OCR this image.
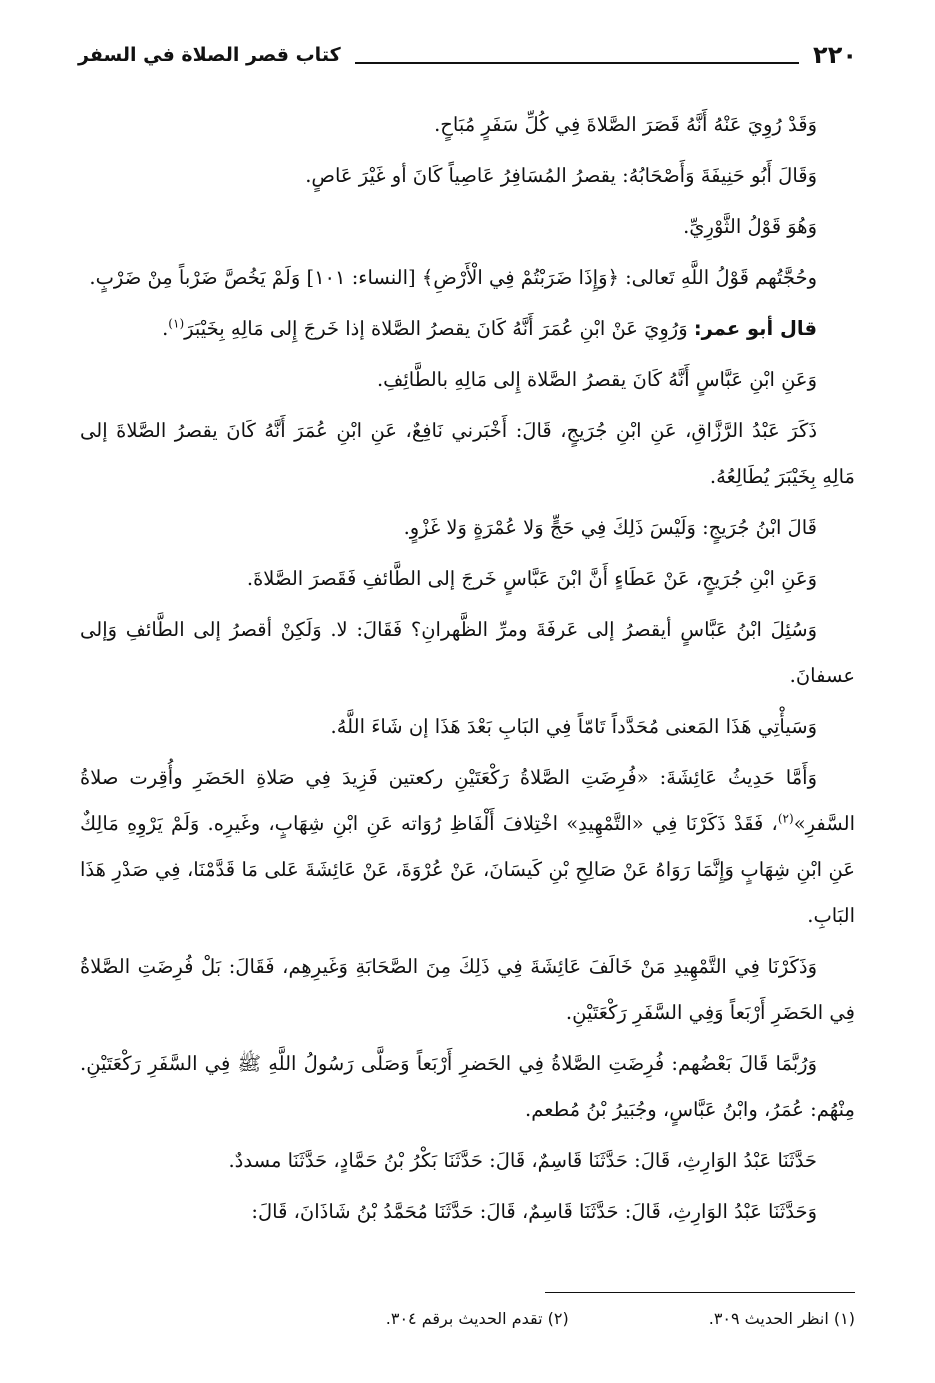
٢٢٠
كتاب قصر الصلاة في السفر

وَقَدْ رُوِيَ عَنْهُ أَنَّهُ قَصَرَ الصَّلاةَ فِي كُلِّ سَفَرٍ مُبَاحٍ.

وَقَالَ أَبُو حَنِيفَةَ وَأَصْحَابُهُ: يقصرُ المُسَافِرُ عَاصِياً كَانَ أو غَيْرَ عَاصٍ.

وَهُوَ قَوْلُ الثَّوْرِيِّ.

وحُجَّتُهم قَوْلُ اللَّهِ تَعالى: ﴿وَإِذَا ضَرَبْتُمْ فِي الْأَرْضِ﴾ [النساء: ١٠١] وَلَمْ يَخُصَّ ضَرْباً مِنْ ضَرْبٍ.

قال أبو عمر: وَرُوِيَ عَنْ ابْنِ عُمَرَ أَنَّهُ كَانَ يقصرُ الصَّلاة إذا خَرجَ إِلى مَالِهِ بِخَيْبَرَ$^{(١)}$.

وَعَنِ ابْنِ عَبَّاسٍ أَنَّهُ كَانَ يقصرُ الصَّلاة إِلى مَالِهِ بالطَّائِفِ.

ذَكَرَ عَبْدُ الرَّزَّاقِ، عَنِ ابْنِ جُرَيجٍ، قَالَ: أَخْبَرني نَافِعٌ، عَنِ ابْنِ عُمَرَ أَنَّهُ كَانَ يقصرُ الصَّلاةَ إلى مَالِهِ بِخَيْبَرَ يُطَالِعُهُ.

قَالَ ابْنُ جُرَيجٍ: وَلَيْسَ ذَلِكَ فِي حَجٍّ وَلا عُمْرَةٍ وَلا غَزْوٍ.

وَعَنِ ابْنِ جُرَيجٍ، عَنْ عَطَاءٍ أَنَّ ابْنَ عَبَّاسٍ خَرجَ إلى الطَّائفِ فَقَصرَ الصَّلاةَ.

وَسُئِلَ ابْنُ عَبَّاسٍ أيقصرُ إلى عَرفَةَ ومرِّ الظَّهرانِ؟ فَقَالَ: لا. وَلَكِنْ أقصرُ إلى الطَّائفِ وَإلى عسفانَ.

وَسَيأْتِي هَذَا المَعنى مُحَدَّداً تَامّاً فِي البَابِ بَعْدَ هَذَا إن شَاءَ اللَّهُ.

وَأَمَّا حَدِيثُ عَائِشَةَ: «فُرِضَتِ الصَّلاةُ رَكْعَتَيْنِ ركعتين فَزِيدَ فِي صَلاةِ الحَضَرِ وأُقِرت صلاةُ السَّفرِ»$^{(٢)}$، فَقَدْ ذَكَرْنَا فِي «التَّمْهِيدِ» اخْتِلافَ أَلْفَاظِ رُوَاته عَنِ ابْنِ شِهَابٍ، وغَيرِه. وَلَمْ يَرْوِهِ مَالِكٌ عَنِ ابْنِ شِهَابٍ وَإِنَّمَا رَوَاهُ عَنْ صَالِحِ بْنِ كَيسَانَ، عَنْ عُرْوَةَ، عَنْ عَائِشَةَ عَلى مَا قَدَّمْنَا، فِي صَدْرِ هَذَا البَابِ.

وَذَكَرْنَا فِي التَّمْهِيدِ مَنْ خَالَفَ عَائِشَةَ فِي ذَلِكَ مِنَ الصَّحَابَةِ وَغَيرِهِم، فَقَالَ: بَلْ فُرِضَتِ الصَّلاةُ فِي الحَضَرِ أَرْبَعاً وَفِي السَّفَرِ رَكْعَتَيْنِ.

وَرُبَّمَا قَالَ بَعْضُهم: فُرِضَتِ الصَّلاةُ فِي الحَضرِ أَرْبَعاً وَصَلَّى رَسُولُ اللَّهِ ﷺ فِي السَّفَرِ رَكْعَتَيْنِ. مِنْهُم: عُمَرُ، وابْنُ عَبَّاسٍ، وجُبَيرُ بْنُ مُطعم.

حَدَّثَنَا عَبْدُ الوَارِثِ، قَالَ: حَدَّثَنَا قَاسِمٌ، قَالَ: حَدَّثَنَا بَكْرُ بْنُ حَمَّادٍ، حَدَّثَنَا مسددٌ.

وَحَدَّثَنَا عَبْدُ الوَارِثِ، قَالَ: حَدَّثَنَا قَاسِمٌ، قَالَ: حَدَّثَنَا مُحَمَّدُ بْنُ شَاذَانَ، قَالَ:

(١) انظر الحديث ٣٠٩.
(٢) تقدم الحديث برقم ٣٠٤.
